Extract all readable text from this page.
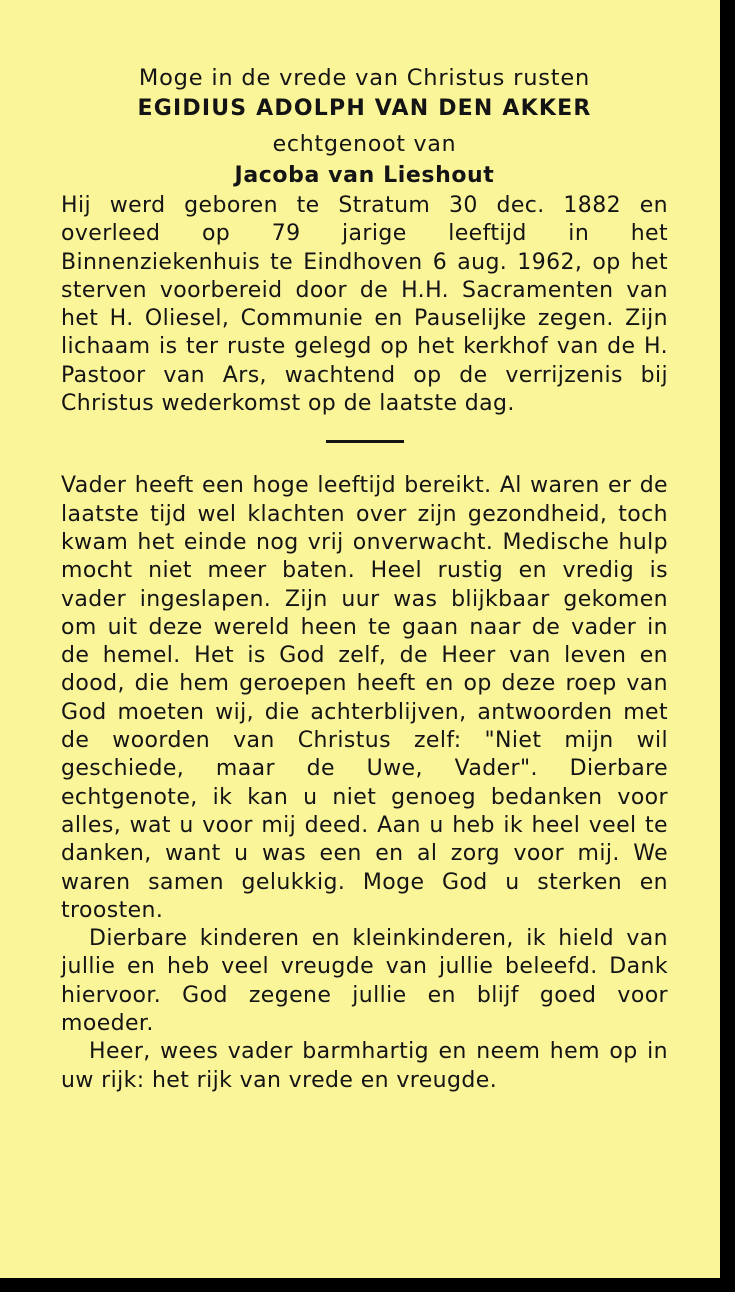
Moge in de vrede van Christus rusten
EGIDIUS ADOLPH VAN DEN AKKER
echtgenoot van
Jacoba van Lieshout

Hij werd geboren te Stratum 30 dec. 1882 en overleed op 79 jarige leeftijd in het Binnenziekenhuis te Eindhoven 6 aug. 1962, op het sterven voorbereid door de H.H. Sacramenten van het H. Oliesel, Communie en Pauselijke zegen. Zijn lichaam is ter ruste gelegd op het kerkhof van de H. Pastoor van Ars, wachtend op de verrijzenis bij Christus wederkomst op de laatste dag.

Vader heeft een hoge leeftijd bereikt. Al waren er de laatste tijd wel klachten over zijn gezondheid, toch kwam het einde nog vrij onverwacht. Medische hulp mocht niet meer baten. Heel rustig en vredig is vader ingeslapen. Zijn uur was blijkbaar gekomen om uit deze wereld heen te gaan naar de vader in de hemel. Het is God zelf, de Heer van leven en dood, die hem geroepen heeft en op deze roep van God moeten wij, die achterblijven, antwoorden met de woorden van Christus zelf: "Niet mijn wil geschiede, maar de Uwe, Vader". Dierbare echtgenote, ik kan u niet genoeg bedanken voor alles, wat u voor mij deed. Aan u heb ik heel veel te danken, want u was een en al zorg voor mij. We waren samen gelukkig. Moge God u sterken en troosten.

Dierbare kinderen en kleinkinderen, ik hield van jullie en heb veel vreugde van jullie beleefd. Dank hiervoor. God zegene jullie en blijf goed voor moeder.

Heer, wees vader barmhartig en neem hem op in uw rijk: het rijk van vrede en vreugde.
